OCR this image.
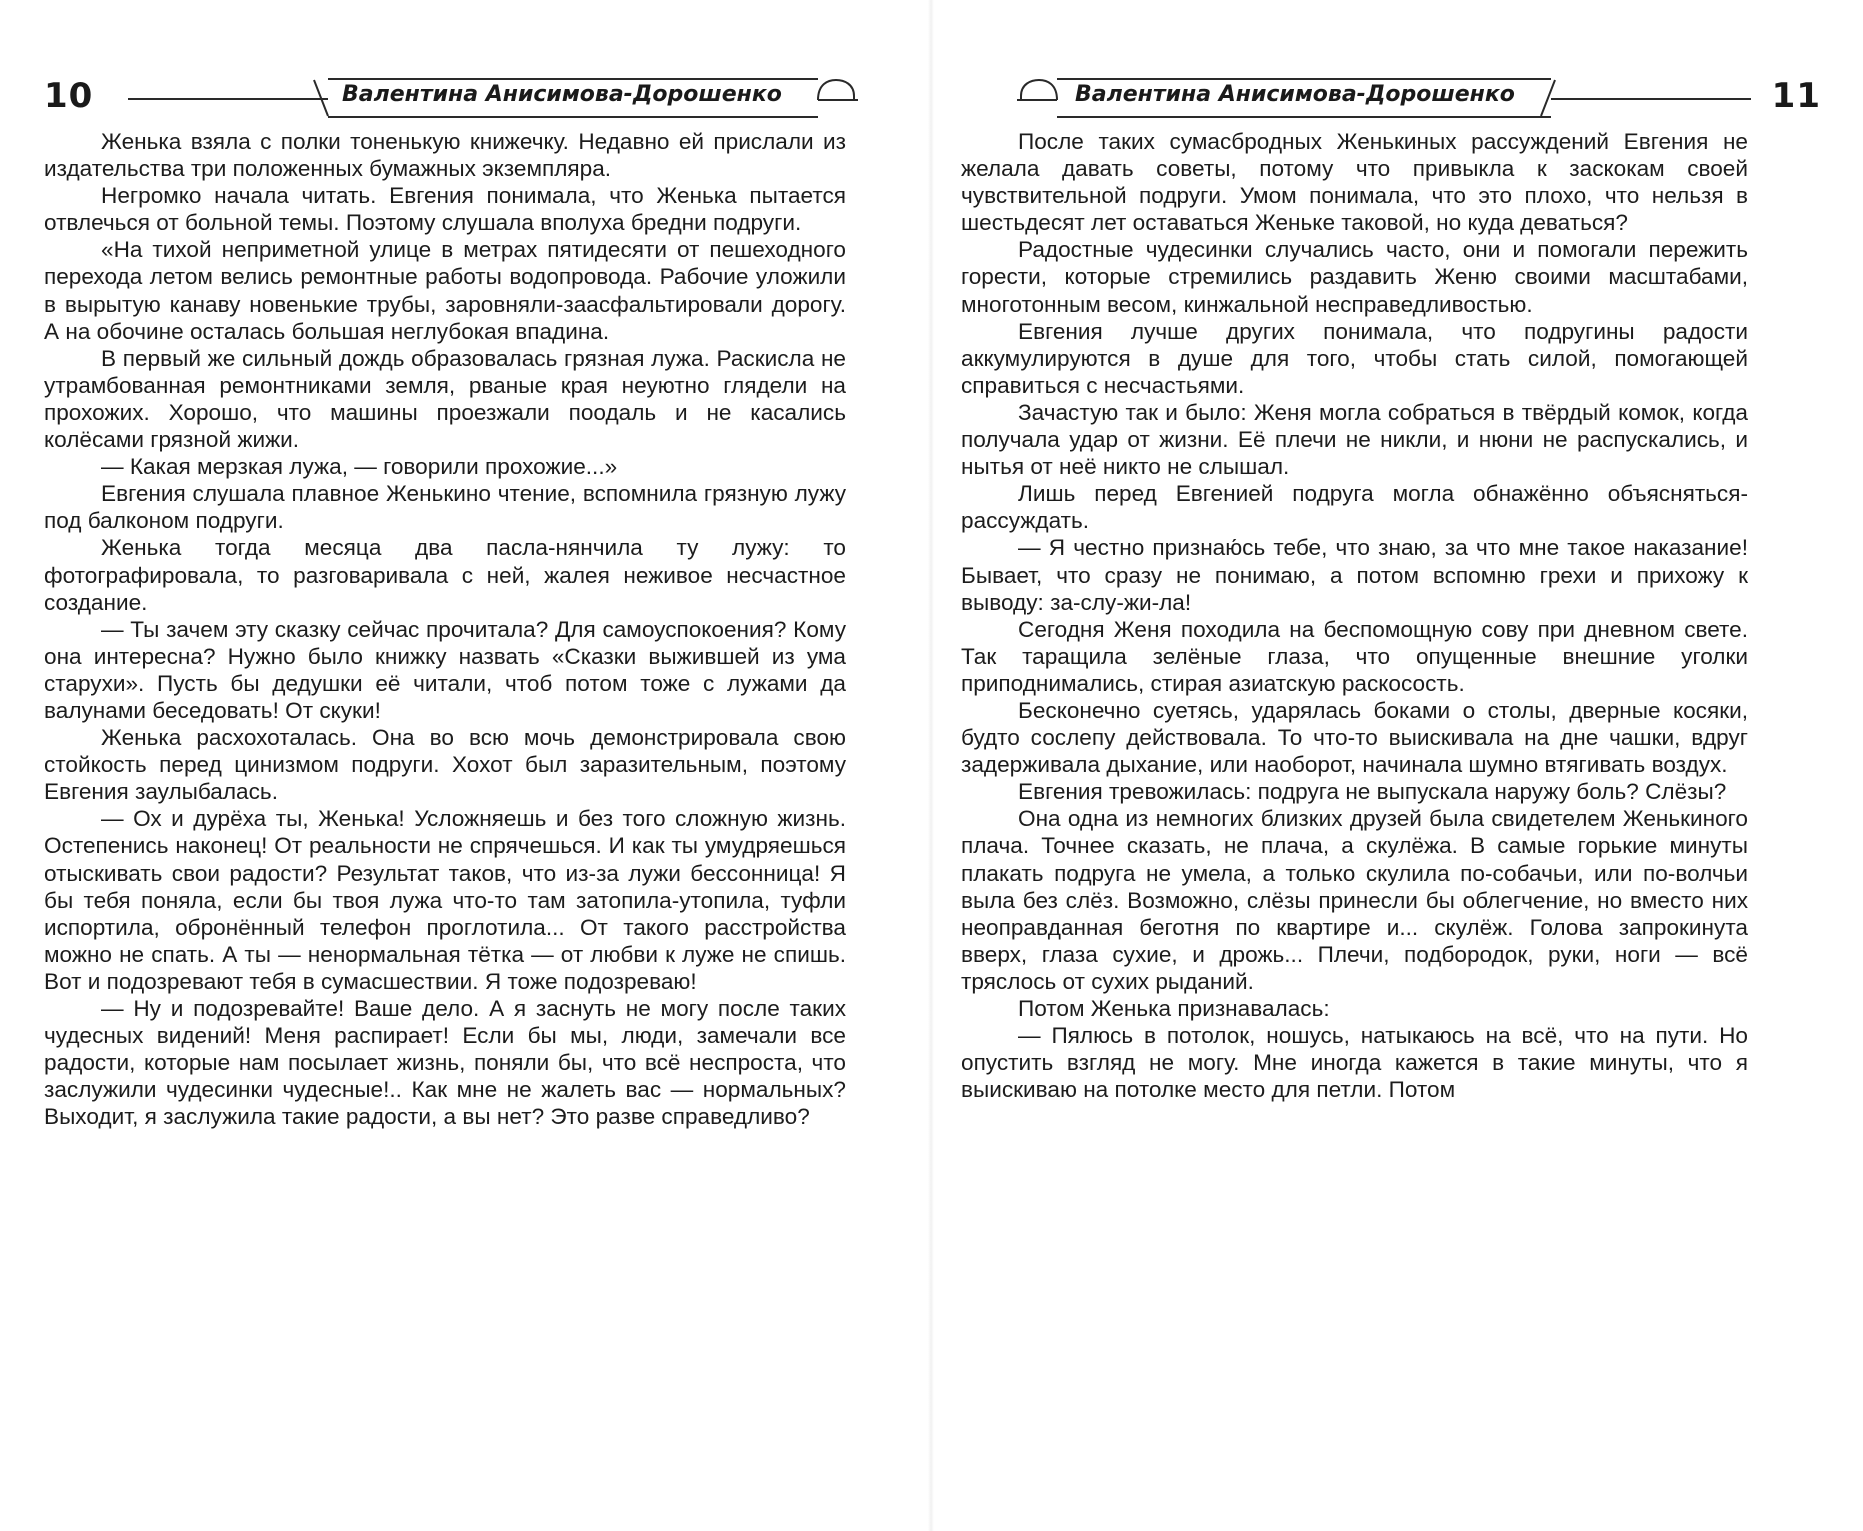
10	Валентина Анисимова-Дорошенко

Женька взяла с полки тоненькую книжечку. Недавно ей прислали из издательства три положенных бумажных экземпляра.

Негромко начала читать. Евгения понимала, что Женька пытается отвлечься от больной темы. Поэтому слушала вполуха бредни подруги.

«На тихой неприметной улице в метрах пятидесяти от пешеходного перехода летом велись ремонтные работы водопровода. Рабочие уложили в вырытую канаву новенькие трубы, заровняли-заасфальтировали дорогу. А на обочине осталась большая неглубокая впадина.

В первый же сильный дождь образовалась грязная лужа. Раскисла не утрамбованная ремонтниками земля, рваные края неуютно глядели на прохожих. Хорошо, что машины проезжали поодаль и не касались колёсами грязной жижи.

— Какая мерзкая лужа, — говорили прохожие...»

Евгения слушала плавное Женькино чтение, вспомнила грязную лужу под балконом подруги.

Женька тогда месяца два пасла-нянчила ту лужу: то фотографировала, то разговаривала с ней, жалея неживое несчастное создание.

— Ты зачем эту сказку сейчас прочитала? Для самоуспокоения? Кому она интересна? Нужно было книжку назвать «Сказки выжившей из ума старухи». Пусть бы дедушки её читали, чтоб потом тоже с лужами да валунами беседовать! От скуки!

Женька расхохоталась. Она во всю мочь демонстрировала свою стойкость перед цинизмом подруги. Хохот был заразительным, поэтому Евгения заулыбалась.

— Ох и дурёха ты, Женька! Усложняешь и без того сложную жизнь. Остепенись наконец! От реальности не спрячешься. И как ты умудряешься отыскивать свои радости? Результат таков, что из-за лужи бессонница! Я бы тебя поняла, если бы твоя лужа что-то там затопила-утопила, туфли испортила, обронённый телефон проглотила... От такого расстройства можно не спать. А ты — ненормальная тётка — от любви к луже не спишь. Вот и подозревают тебя в сумасшествии. Я тоже подозреваю!

— Ну и подозревайте! Ваше дело. А я заснуть не могу после таких чудесных видений! Меня распирает! Если бы мы, люди, замечали все радости, которые нам посылает жизнь, поняли бы, что всё неспроста, что заслужили чудесинки чудесные!.. Как мне не жалеть вас — нормальных? Выходит, я заслужила такие радости, а вы нет? Это разве справедливо?

Валентина Анисимова-Дорошенко	11

После таких сумасбродных Женькиных рассуждений Евгения не желала давать советы, потому что привыкла к заскокам своей чувствительной подруги. Умом понимала, что это плохо, что нельзя в шестьдесят лет оставаться Женьке таковой, но куда деваться?

Радостные чудесинки случались часто, они и помогали пережить горести, которые стремились раздавить Женю своими масштабами, многотонным весом, кинжальной несправедливостью.

Евгения лучше других понимала, что подругины радости аккумулируются в душе для того, чтобы стать силой, помогающей справиться с несчастьями.

Зачастую так и было: Женя могла собраться в твёрдый комок, когда получала удар от жизни. Её плечи не никли, и нюни не распускались, и нытья от неё никто не слышал.

Лишь перед Евгенией подруга могла обнажённо объясняться-рассуждать.

— Я честно признаю́сь тебе, что знаю, за что мне такое наказание! Бывает, что сразу не понимаю, а потом вспомню грехи и прихожу к выводу: за-слу-жи-ла!

Сегодня Женя походила на беспомощную сову при дневном свете. Так таращила зелёные глаза, что опущенные внешние уголки приподнимались, стирая азиатскую раскосость.

Бесконечно суетясь, ударялась боками о столы, дверные косяки, будто сослепу действовала. То что-то выискивала на дне чашки, вдруг задерживала дыхание, или наоборот, начинала шумно втягивать воздух.

Евгения тревожилась: подруга не выпускала наружу боль? Слёзы?

Она одна из немногих близких друзей была свидетелем Женькиного плача. Точнее сказать, не плача, а скулёжа. В самые горькие минуты плакать подруга не умела, а только скулила по-собачьи, или по-волчьи выла без слёз. Возможно, слёзы принесли бы облегчение, но вместо них неоправданная беготня по квартире и... скулёж. Голова запрокинута вверх, глаза сухие, и дрожь... Плечи, подбородок, руки, ноги — всё тряслось от сухих рыданий.

Потом Женька признавалась:

— Пялюсь в потолок, ношусь, натыкаюсь на всё, что на пути. Но опустить взгляд не могу. Мне иногда кажется в такие минуты, что я выискиваю на потолке место для петли. Потом
